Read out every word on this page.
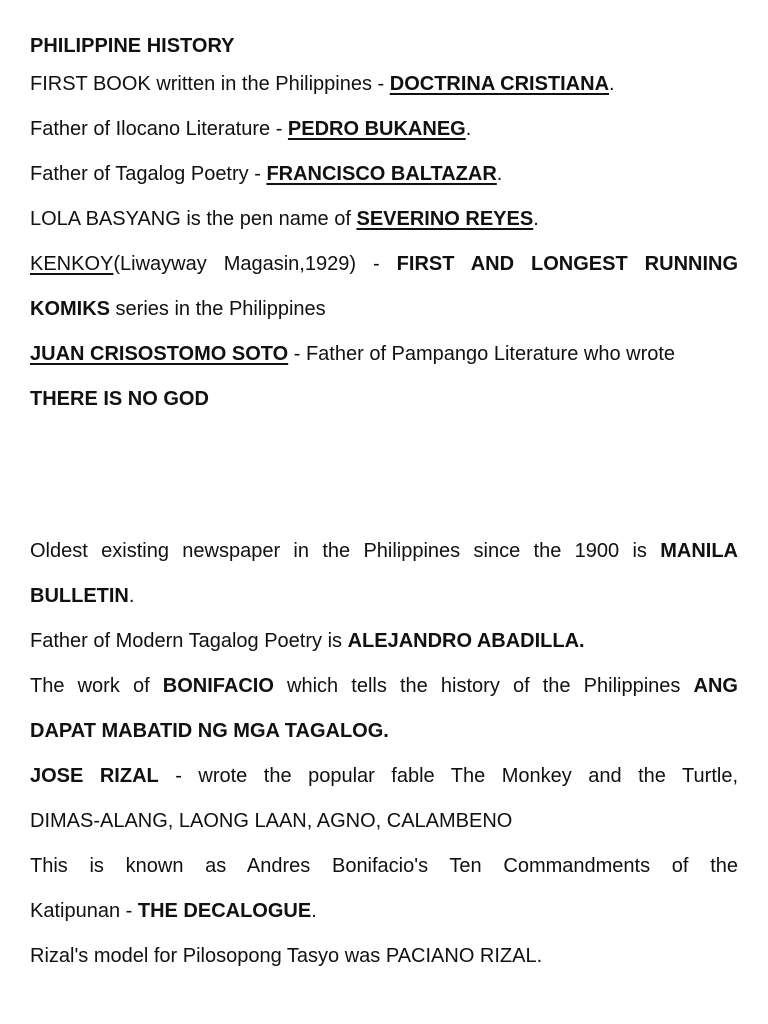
PHILIPPINE HISTORY
FIRST BOOK written in the Philippines - DOCTRINA CRISTIANA.
Father of Ilocano Literature - PEDRO BUKANEG.
Father of Tagalog Poetry - FRANCISCO BALTAZAR.
LOLA BASYANG is the pen name of SEVERINO REYES.
KENKOY(Liwayway Magasin,1929) - FIRST AND LONGEST RUNNING
KOMIKS series in the Philippines
JUAN CRISOSTOMO SOTO - Father of Pampango Literature who wrote
THERE IS NO GOD
Oldest existing newspaper in the Philippines since the 1900 is MANILA
BULLETIN.
Father of Modern Tagalog Poetry is ALEJANDRO ABADILLA.
The work of BONIFACIO which tells the history of the Philippines ANG
DAPAT MABATID NG MGA TAGALOG.
JOSE RIZAL - wrote the popular fable The Monkey and the Turtle,
DIMAS-ALANG, LAONG LAAN, AGNO, CALAMBENO
This is known as Andres Bonifacio's Ten Commandments of the
Katipunan - THE DECALOGUE.
Rizal's model for Pilosopong Tasyo was PACIANO RIZAL.
